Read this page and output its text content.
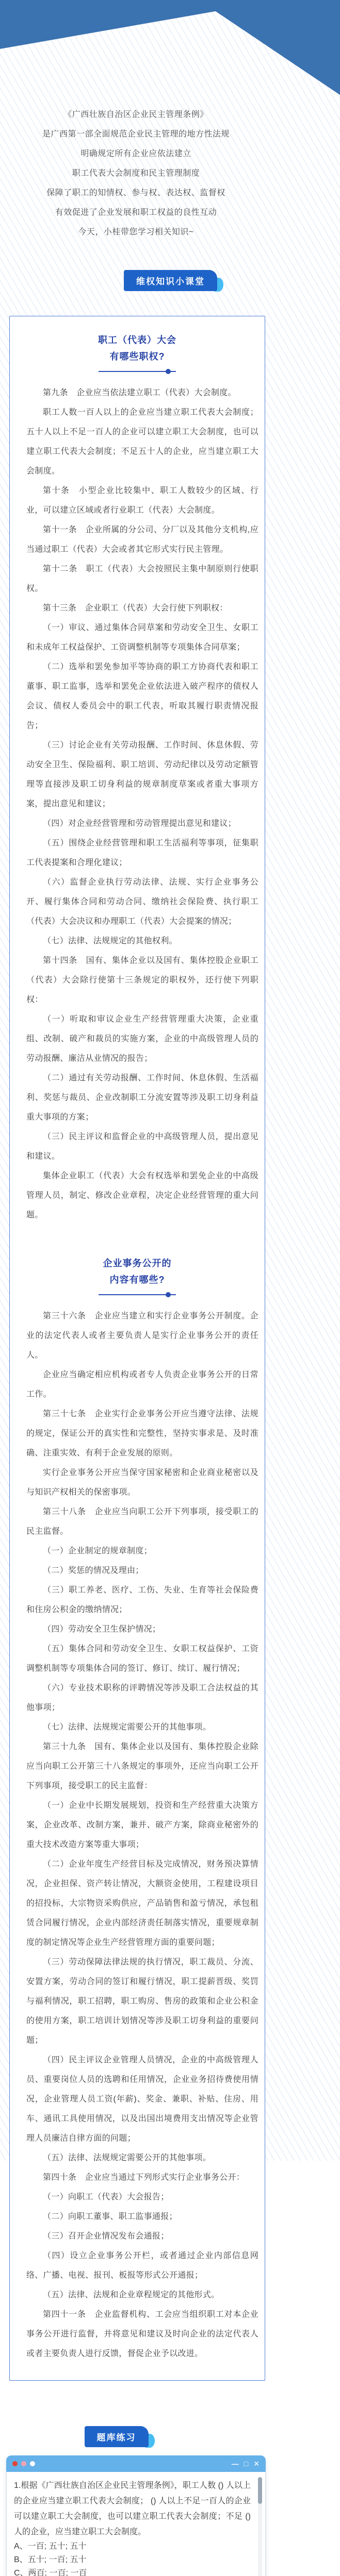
《广西壮族自治区企业民主管理条例》
是广西第一部全面规范企业民主管理的地方性法规
明确规定所有企业应依法建立
职工代表大会制度和民主管理制度
保障了职工的知情权、参与权、表达权、监督权
有效促进了企业发展和职工权益的良性互动
今天，小桂带您学习相关知识~
维权知识小课堂
职工（代表）大会
有哪些职权?

第九条　企业应当依法建立职工（代表）大会制度。

职工人数一百人以上的企业应当建立职工代表大会制度；五十人以上不足一百人的企业可以建立职工大会制度，也可以建立职工代表大会制度；不足五十人的企业，应当建立职工大会制度。

第十条　小型企业比较集中、职工人数较少的区域、行业，可以建立区域或者行业职工（代表）大会制度。

第十一条　企业所属的分公司、分厂以及其他分支机构,应当通过职工（代表）大会或者其它形式实行民主管理。

第十二条　职工（代表）大会按照民主集中制原则行使职权。

第十三条　企业职工（代表）大会行使下列职权：

（一）审议、通过集体合同草案和劳动安全卫生、女职工和未成年工权益保护、工资调整机制等专项集体合同草案；

（二）选举和罢免参加平等协商的职工方协商代表和职工董事、职工监事，选举和罢免企业依法进入破产程序的债权人会议、债权人委员会中的职工代表，听取其履行职责情况报告；

（三）讨论企业有关劳动报酬、工作时间、休息休假、劳动安全卫生、保险福利、职工培训、劳动纪律以及劳动定额管理等直接涉及职工切身利益的规章制度草案或者重大事项方案，提出意见和建议；

（四）对企业经营管理和劳动管理提出意见和建议；

（五）围绕企业经营管理和职工生活福利等事项，征集职工代表提案和合理化建议；

（六）监督企业执行劳动法律、法规、实行企业事务公开、履行集体合同和劳动合同、缴纳社会保险费、执行职工（代表）大会决议和办理职工（代表）大会提案的情况；

（七）法律、法规规定的其他权利。

第十四条　国有、集体企业以及国有、集体控股企业职工（代表）大会除行使第十三条规定的职权外，还行使下列职权：

（一）听取和审议企业生产经营管理重大决策，企业重组、改制、破产和裁员的实施方案，企业的中高级管理人员的劳动报酬、廉洁从业情况的报告；

（二）通过有关劳动报酬、工作时间、休息休假、生活福利、奖惩与裁员、企业改制职工分流安置等涉及职工切身利益重大事项的方案；

（三）民主评议和监督企业的中高级管理人员，提出意见和建议。

集体企业职工（代表）大会有权选举和罢免企业的中高级管理人员，制定、修改企业章程，决定企业经营管理的重大问题。

企业事务公开的
内容有哪些?

第三十六条　企业应当建立和实行企业事务公开制度。企业的法定代表人或者主要负责人是实行企业事务公开的责任人。

企业应当确定相应机构或者专人负责企业事务公开的日常工作。

第三十七条　企业实行企业事务公开应当遵守法律、法规的规定，保证公开的真实性和完整性，坚持实事求是、及时准确、注重实效、有利于企业发展的原则。

实行企业事务公开应当保守国家秘密和企业商业秘密以及与知识产权相关的保密事项。

第三十八条　企业应当向职工公开下列事项，接受职工的民主监督。

（一）企业制定的规章制度；

（二）奖惩的情况及理由；

（三）职工养老、医疗、工伤、失业、生育等社会保险费和住房公积金的缴纳情况；

（四）劳动安全卫生保护情况；

（五）集体合同和劳动安全卫生、女职工权益保护、工资调整机制等专项集体合同的签订、修订、续订、履行情况；

（六）专业技术职称的评聘情况等涉及职工合法权益的其他事项；

（七）法律、法规规定需要公开的其他事项。

第三十九条　国有、集体企业以及国有、集体控股企业除应当向职工公开第三十八条规定的事项外，还应当向职工公开下列事项，接受职工的民主监督：

（一）企业中长期发展规划，投资和生产经营重大决策方案，企业改革、改制方案，兼并、破产方案，除商业秘密外的重大技术改造方案等重大事项；

（二）企业年度生产经营目标及完成情况，财务预决算情况，企业担保、资产转让情况，大额资金使用，工程建设项目的招投标，大宗物资采购供应，产品销售和盈亏情况，承包租赁合同履行情况，企业内部经济责任制落实情况，重要规章制度的制定情况等企业生产经营管理方面的重要问题；

（三）劳动保障法律法规的执行情况，职工裁员、分流、安置方案，劳动合同的签订和履行情况，职工提薪晋级、奖罚与福利情况，职工招聘，职工购房、售房的政策和企业公积金的使用方案，职工培训计划情况等涉及职工切身利益的重要问题；

（四）民主评议企业管理人员情况，企业的中高级管理人员、重要岗位人员的选聘和任用情况，企业业务招待费使用情况，企业管理人员工资(年薪)、奖金、兼职、补贴、住房、用车、通讯工具使用情况，以及出国出境费用支出情况等企业管理人员廉洁自律方面的问题；

（五）法律、法规规定需要公开的其他事项。

第四十条　企业应当通过下列形式实行企业事务公开：

（一）向职工（代表）大会报告；

（二）向职工董事、职工监事通报；

（三）召开企业情况发布会通报；

（四）设立企业事务公开栏，或者通过企业内部信息网络、广播、电视、报刊、板报等形式公开通报；

（五）法律、法规和企业章程规定的其他形式。

第四十一条　企业监督机构、工会应当组织职工对本企业事务公开进行监督，并将意见和建议及时向企业的法定代表人或者主要负责人进行反馈，督促企业予以改进。

题库练习
— □ ✕
1.根据《广西壮族自治区企业民主管理条例》，职工人数 () 人以上的企业应当建立职工代表大会制度； () 人以上不足一百人的企业可以建立职工大会制度，也可以建立职工代表大会制度；不足 () 人的企业，应当建立职工大会制度。
A、一百; 五十; 五十
B、五十; 一百; 五十
C、两百; 一百; 一百
